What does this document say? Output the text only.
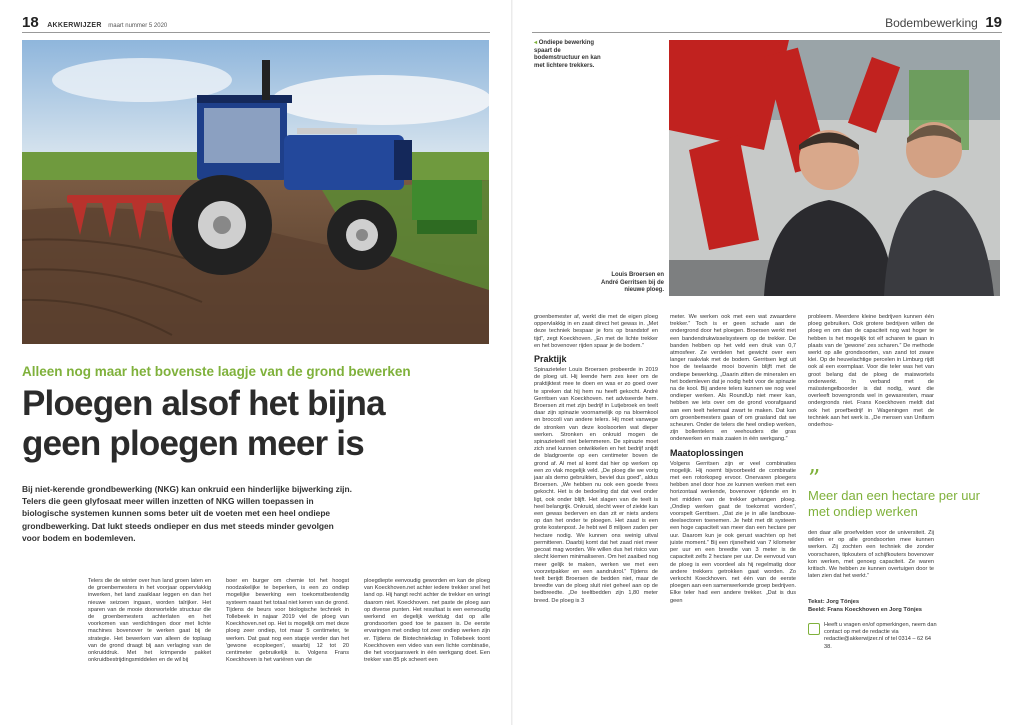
18 AKKERWIJZER maart nummer 5 2020	Bodembewerking 19
Alleen nog maar het bovenste laagje van de grond bewerken
Ploegen alsof het bijna
geen ploegen meer is
Bij niet-kerende grondbewerking (NKG) kan onkruid een hinderlijke bijwerking zijn. Telers die geen glyfosaat meer willen inzetten of NKG willen toepassen in biologische systemen kunnen soms beter uit de voeten met een heel ondiepe grondbewerking. Dat lukt steeds ondieper en dus met steeds minder gevolgen voor bodem en bodemleven.
Telers die de winter over hun land groen laten en de groenbemesters in het voorjaar oppervlakkig inwerken, het land zaaiklaar leggen en dan het nieuwe seizoen ingaan, worden talrijker. Het sparen van de mooie doorwortelde structuur die de groenbemesters achterlaten en het voorkomen van verdichtingen door met lichte machines bovenover te werken gaat bij de strategie. Het bewerken van alleen de toplaag van de grond draagt bij aan verlaging van de onkruiddruk. Met het krimpende pakket onkruidbestrijdingsmiddelen en de wil bij
boer en burger om chemie tot het hoogst noodzakelijke te beperken, is een zo ondiep mogelijke bewerking een toekomstbestendig systeem naast het totaal niet keren van de grond. Tijdens de beurs voor biologische techniek in Tollebeek in najaar 2019 viel de ploeg van Koeckhoven.net op. Het is mogelijk om met deze ploeg zeer ondiep, tot maar 5 centimeter, te werken. Dat gaat nog een stapje verder dan het 'gewone ecoploegen', waarbij 12 tot 20 centimeter gebruikelijk is. Volgens Frans Koeckhoven is het variëren van de
ploegdiepte eenvoudig geworden en kan de ploeg van Koeckhoven.net achter iedere trekker snel het land op. Hij hangt recht achter de trekker en wringt daarom niet. Koeckhoven. net paste de ploeg aan op diverse punten. Het resultaat is een eenvoudig werkend en degelijk werktuig dat op alle grondsoorten goed toe te passen is. De eerste ervaringen met ondiep tot zeer ondiep werken zijn er. Tijdens de Biotechniekdag in Tollebeek toont Koeckhoven een video van een lichte combinatie, die het voorjaarswerk in één werkgang doet. Een trekker van 85 pk scheert een
◂ Ondiepe bewerking spaart de bodemstructuur en kan met lichtere trekkers.
Louis Broersen en André Gerritsen bij de nieuwe ploeg.

groenbemester af, werkt die met de eigen ploeg oppervlakkig in en zaait direct het gewas in. „Met deze techniek bespaar je fors op brandstof en tijd”, zegt Koeckhoven. „En met de lichte trekker en het bovenover rijden spaar je de bodem.”

Praktijk

Spinazieteler Louis Broersen probeerde in 2019 de ploeg uit. Hij leende hem zes keer om de praktijktest mee te doen en was er zo goed over te spreken dat hij hem nu heeft gekocht. André Gerritsen van Koeckhoven. net adviseerde hem. Broersen zit met zijn bedrijf in Lutjebroek en teelt daar zijn spinazie voornamelijk op na bloemkool en broccoli van andere telers. Hij moet vanwege de stronken van deze koolsoorten wat dieper werken. Stronken en onkruid mogen de spinazieteelt niet belemmeren. De spinazie moet zich snel kunnen ontwikkelen en het bedrijf snijdt de bladgroente op een centimeter boven de grond af. Al met al komt dat hier op werken op een zo vlak mogelijk veld. „De ploeg die we vorig jaar als demo gebruikten, beviel dus goed”, aldus Broersen. „We hebben nu ook een goede frees gekocht. Het is de bedoeling dat dat veel onder ligt, ook onder blijft. Het slagen van de teelt is heel belangrijk. Onkruid, slecht weer of ziekte kan een gewas bederven en dan zit er niets anders op dan het onder te ploegen. Het zaad is een grote kostenpost. Je hebt wel 8 miljoen zaden per hectare nodig. We kunnen ons weinig uitval permitteren. Daarbij komt dat het zaad niet meer gecoat mag worden. We willen dus het risico van slecht kiemen minimaliseren. Om het zaaibed nog meer gelijk te maken, werken we met een voorzetpakker en een aandrukrol.” Tijdens de teelt berijdt Broersen de bedden niet, maar de breedte van de ploeg sluit niet geheel aan op de bedbreedte. „De teeltbedden zijn 1,80 meter breed. De ploeg is 3

meter. We werken ook met een wat zwaardere trekker.” Toch is er geen schade aan de ondergrond door het ploegen. Broersen werkt met een bandendrukwisselsysteem op de trekker. De banden hebben op het veld een druk van 0,7 atmosfeer. Ze verdelen het gewicht over een langer raakvlak met de bodem. Gerritsen legt uit hoe de teelaarde mooi bovenin blijft met de ondiepe bewerking. „Daarin zitten de mineralen en het bodemleven dat je nodig hebt voor de spinazie na de kool. Bij andere telers kunnen we nog veel ondieper werken. Als RoundUp niet meer kan, hebben we iets over om de grond voorafgaand aan een teelt helemaal zwart te maken. Dat kan om groenbemesters gaan of om grasland dat we scheuren. Onder de telers die heel ondiep werken, zijn bollentelers en veehouders die gras onderwerken en mais zaaien in één werkgang.”

Maatoplossingen

Volgens Gerritsen zijn er veel combinaties mogelijk. Hij noemt bijvoorbeeld de combinatie met een rotorkopeg ervoor. Onervaren ploegers hebben snel door hoe ze kunnen werken met een horizontaal werkende, bovenover rijdende en in het midden van de trekker gehangen ploeg. „Ondiep werken gaat de toekomst worden”, voorspelt Gerritsen. „Dat zie je in alle landbouw-deelsectoren toenemen. Je hebt met dit systeem een hoge capaciteit van meer dan een hectare per uur. Daarom kun je ook gerust wachten op het juiste moment.” Bij een rijsnelheid van 7 kilometer per uur en een breedte van 3 meter is de capaciteit zelfs 2 hectare per uur. De eenvoud van de ploeg is een voordeel als hij regelmatig door andere trekkers getrokken gaat worden. Zo verkocht Koeckhoven. net één van de eerste ploegen aan een samenwerkende groep bedrijven. Elke teler had een andere trekker. „Dat is dus geen

probleem. Meerdere kleine bedrijven kunnen één ploeg gebruiken. Ook grotere bedrijven willen de ploeg en om dan de capaciteit nog wat hoger te hebben is het mogelijk tot elf scharen te gaan in plaats van de 'gewone' zes scharen.” De methode werkt op alle grondsoorten, van zand tot zware klei. Op de heuvelachtige percelen in Limburg rijdt ook al een exemplaar. Voor die teler was het van groot belang dat de ploeg de maiswortels onderwerkt. In verband met de maïsstengelboorder is dat nodig, want die overleeft bovengronds wel in gewasresten, maar ondergronds niet. Frans Koeckhoven meldt dat ook het proefbedrijf in Wageningen met de techniek aan het werk is. „De mensen van Unifarm onderhou-
”
Meer dan een hectare per uur met ondiep werken
den daar alle proefvelden voor de universiteit. Zij wilden er op alle grondsoorten mee kunnen werken. Zij zochten een techniek die zonder voorscharen, tipkouters of schijfkouters bovenover kon werken, met genoeg capaciteit. Ze waren kritisch. We hebben ze kunnen overtuigen door te laten zien dat het werkt.”
Tekst: Jorg Tönjes
Beeld: Frans Koeckhoven en Jorg Tönjes
Heeft u vragen en/of opmerkingen, neem dan contact op met de redactie via redactie@akkerwijzer.nl of tel 0314 – 62 64 38.
